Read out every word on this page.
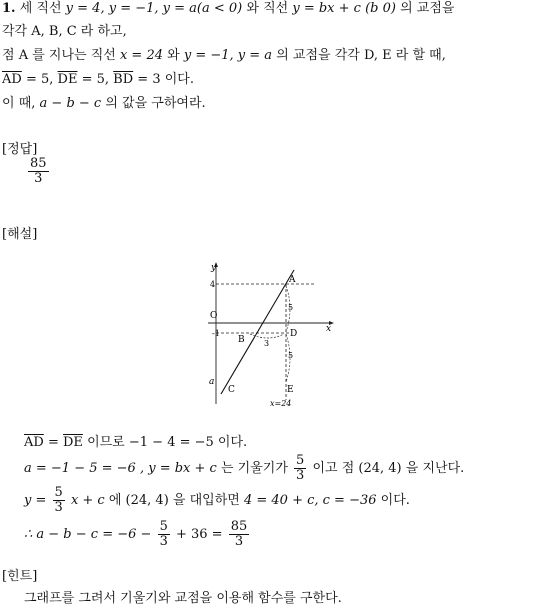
1. 세 직선 y = 4, y = −1, y = a(a < 0) 와 직선 y = bx + c (b 0) 의 교점을
각각 A, B, C 라 하고,
점 A 를 지나는 직선 x = 24 와 y = −1, y = a 의 교점을 각각 D, E 라 할 때,
$\overline{AD} = 5$, $\overline{DE} = 5$, $\overline{BD} = 3$ 이다.
이 때, a − b − c 의 값을 구하여라.
[정답]
$\frac{85}{3}$
[해설]
y
x
O
4
-1
x=24
5
5
3
A
B
C
D
E
a
$\overline{AD} = \overline{DE}$ 이므로 −1 − 4 = −5 이다.
a = −1 − 5 = −6 , y = bx + c 는 기울기가 $\frac{5}{3}$ 이고 점 (24, 4) 을 지난다.
$y = \frac{5}{3}$ x + c 에 (24, 4) 을 대입하면 4 = 40 + c, c = −36 이다.
∴ $a - b - c = -6 - \frac{5}{3} + 36 = \frac{85}{3}$
[힌트]
그래프를 그려서 기울기와 교점을 이용해 함수를 구한다.
